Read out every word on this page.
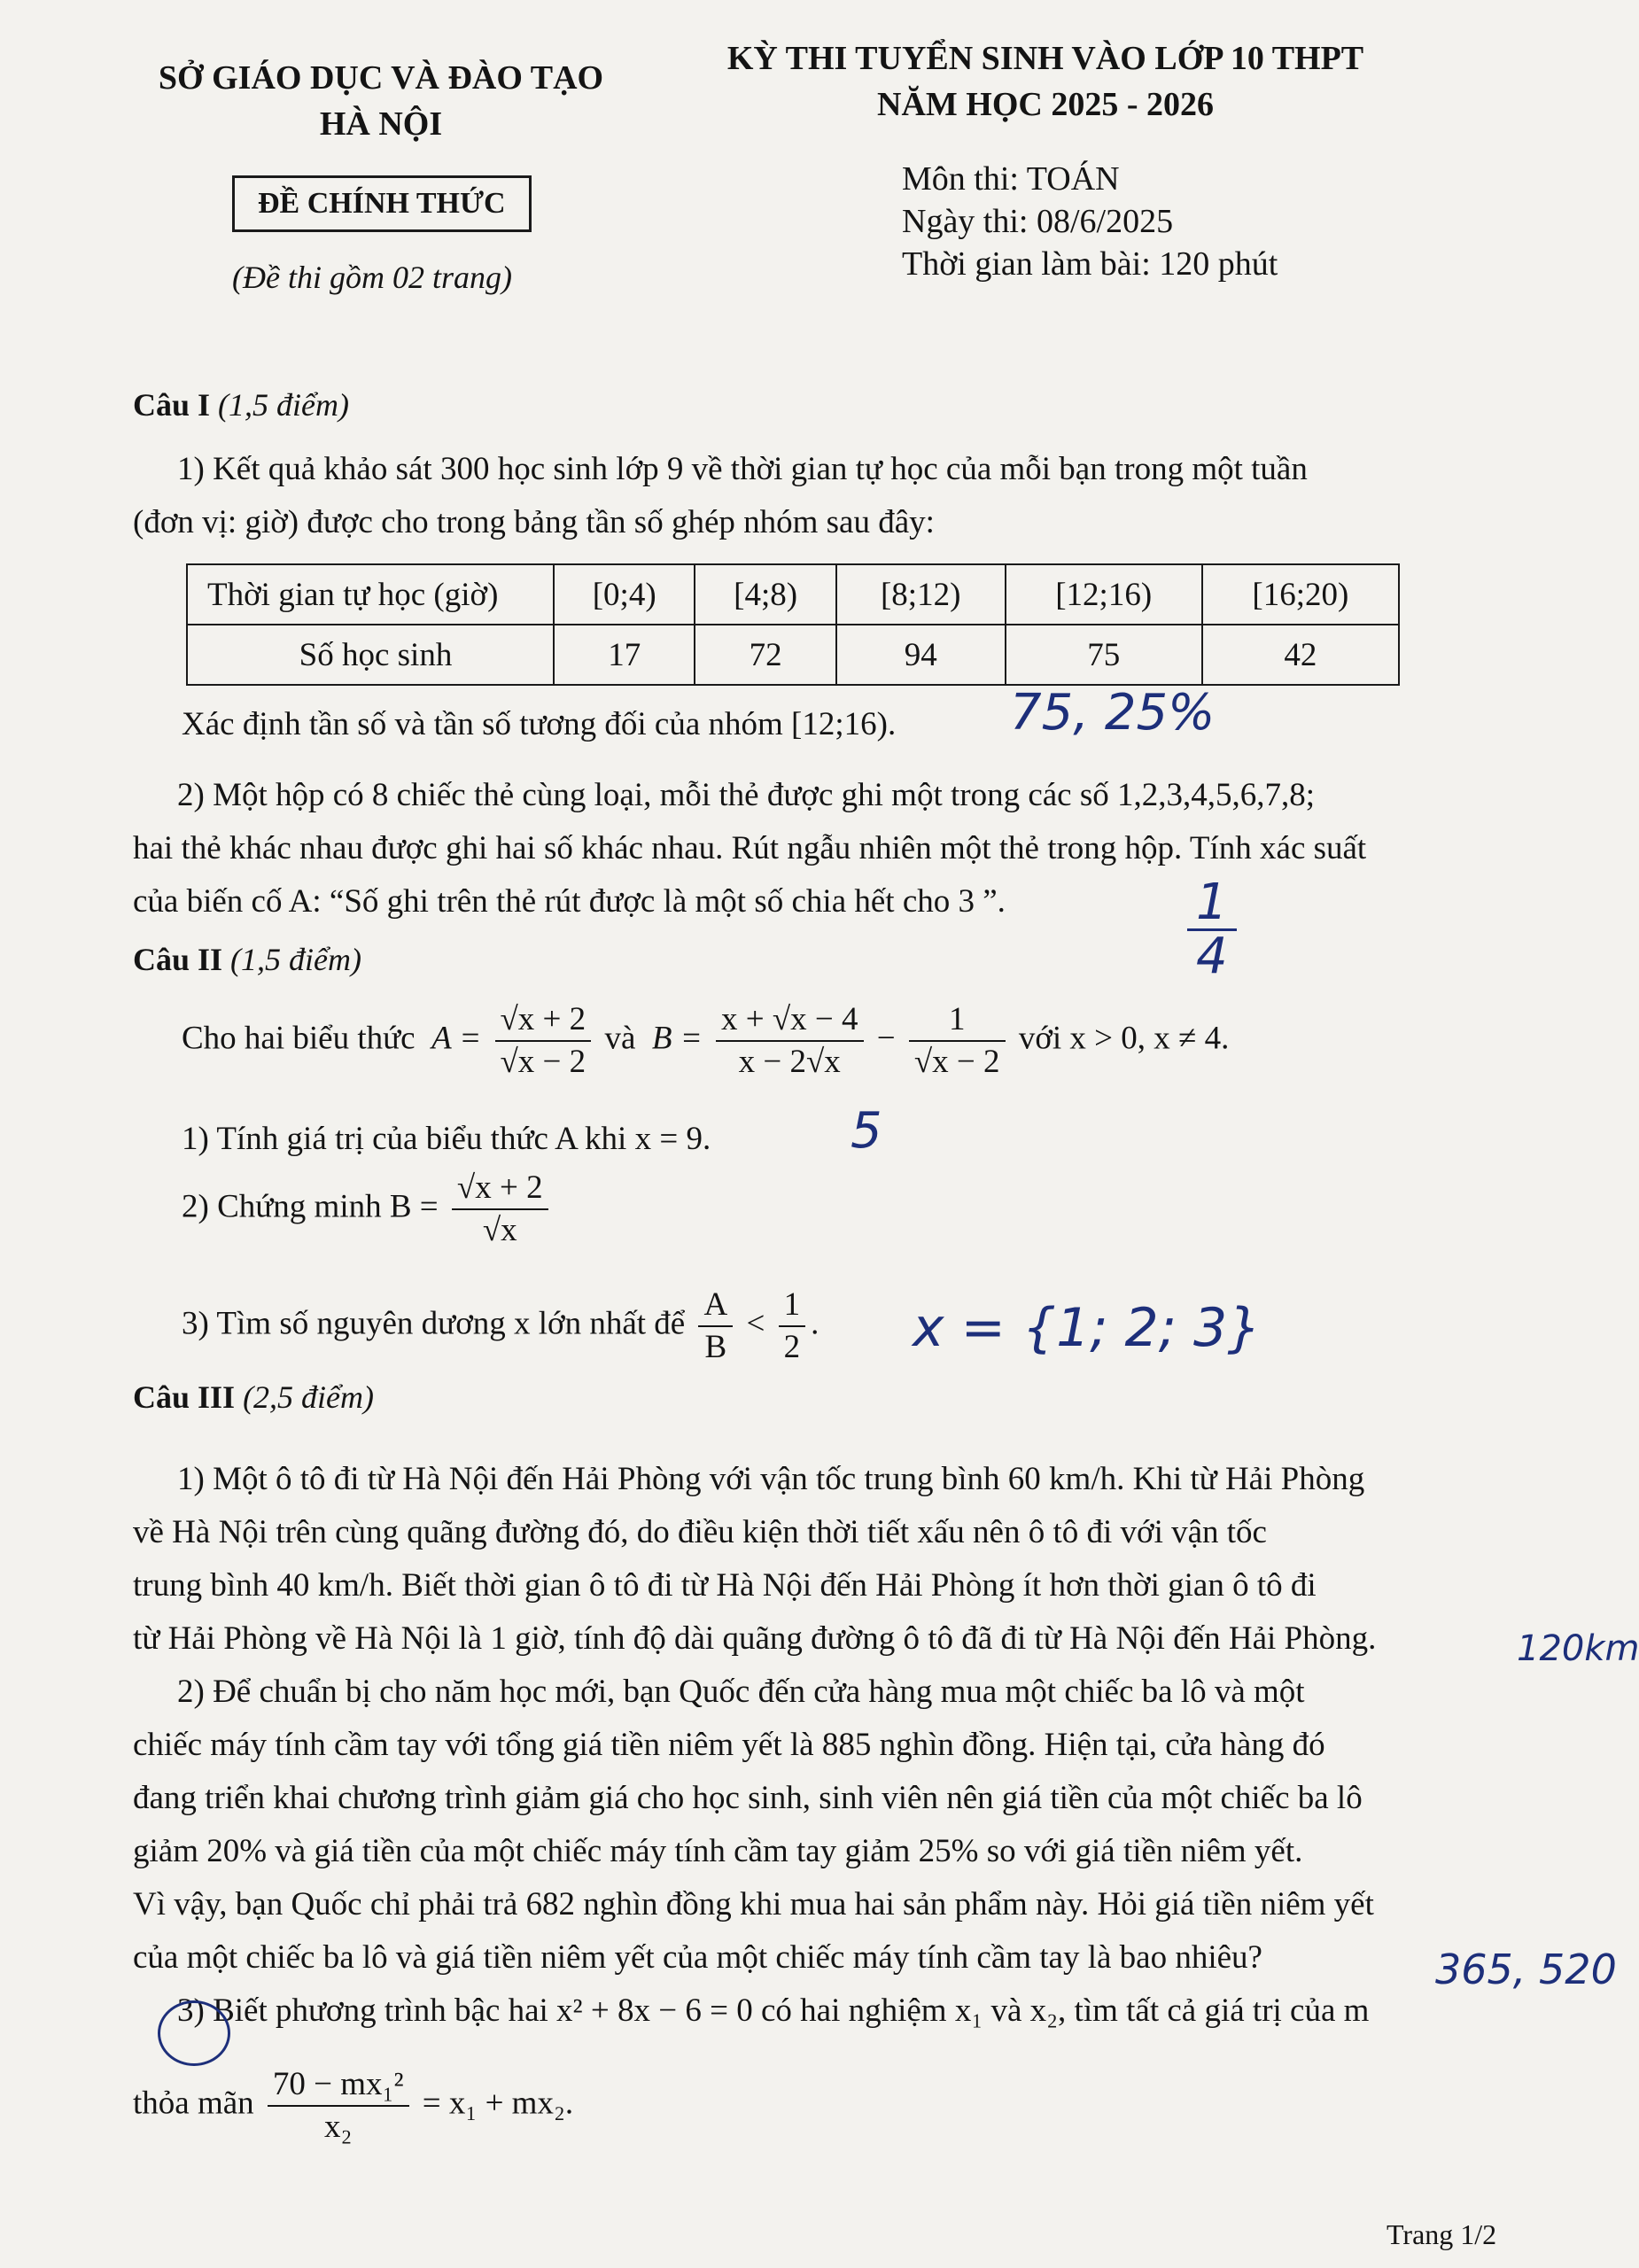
SỞ GIÁO DỤC VÀ ĐÀO TẠO
HÀ NỘI
KỲ THI TUYỂN SINH VÀO LỚP 10 THPT
NĂM HỌC 2025 - 2026
ĐỀ CHÍNH THỨC
(Đề thi gồm 02 trang)
Môn thi: TOÁN
Ngày thi: 08/6/2025
Thời gian làm bài: 120 phút
Câu I (1,5 điểm)
1) Kết quả khảo sát 300 học sinh lớp 9 về thời gian tự học của mỗi bạn trong một tuần
(đơn vị: giờ) được cho trong bảng tần số ghép nhóm sau đây:
Thời gian tự học (giờ)	[0;4)	[4;8)	[8;12)	[12;16)	[16;20)
Số học sinh	17	72	94	75	42
Xác định tần số và tần số tương đối của nhóm [12;16). 75, 25%
2) Một hộp có 8 chiếc thẻ cùng loại, mỗi thẻ được ghi một trong các số 1,2,3,4,5,6,7,8;
hai thẻ khác nhau được ghi hai số khác nhau. Rút ngẫu nhiên một thẻ trong hộp. Tính xác suất
của biến cố A: “Số ghi trên thẻ rút được là một số chia hết cho 3 ”.	1
4
Câu II (1,5 điểm)
Cho hai biểu thức  $A = \frac{√x + 2}{√x - 2}$ và  $B = \frac{x + √x - 4}{x - 2√x} - \frac{1}{√x - 2}$ với x > 0, x ≠ 4.
1) Tính giá trị của biểu thức A khi x = 9.	5
2) Chứng minh $B = \frac{√x + 2}{√x}$
3) Tìm số nguyên dương x lớn nhất để $\frac{A}{B} < \frac{1}{2}$ . x = {1; 2; 3}
Câu III (2,5 điểm)
1) Một ô tô đi từ Hà Nội đến Hải Phòng với vận tốc trung bình 60 km/h. Khi từ Hải Phòng
về Hà Nội trên cùng quãng đường đó, do điều kiện thời tiết xấu nên ô tô đi với vận tốc
trung bình 40 km/h. Biết thời gian ô tô đi từ Hà Nội đến Hải Phòng ít hơn thời gian ô tô đi
từ Hải Phòng về Hà Nội là 1 giờ, tính độ dài quãng đường ô tô đã đi từ Hà Nội đến Hải Phòng.
2) Để chuẩn bị cho năm học mới, bạn Quốc đến cửa hàng mua một chiếc ba lô và một
chiếc máy tính cầm tay với tổng giá tiền niêm yết là 885 nghìn đồng. Hiện tại, cửa hàng đó
đang triển khai chương trình giảm giá cho học sinh, sinh viên nên giá tiền của một chiếc ba lô
giảm 20% và giá tiền của một chiếc máy tính cầm tay giảm 25% so với giá tiền niêm yết.
Vì vậy, bạn Quốc chỉ phải trả 682 nghìn đồng khi mua hai sản phẩm này. Hỏi giá tiền niêm yết
của một chiếc ba lô và giá tiền niêm yết của một chiếc máy tính cầm tay là bao nhiêu?
3) Biết phương trình bậc hai x² + 8x − 6 = 0 có hai nghiệm x₁ và x₂, tìm tất cả giá trị của m
120km
365, 520
thỏa mãn $\frac{\text{70 − mx₁²}}{\text{x₂}} = x_1 + mx_2$.
Trang 1/2
